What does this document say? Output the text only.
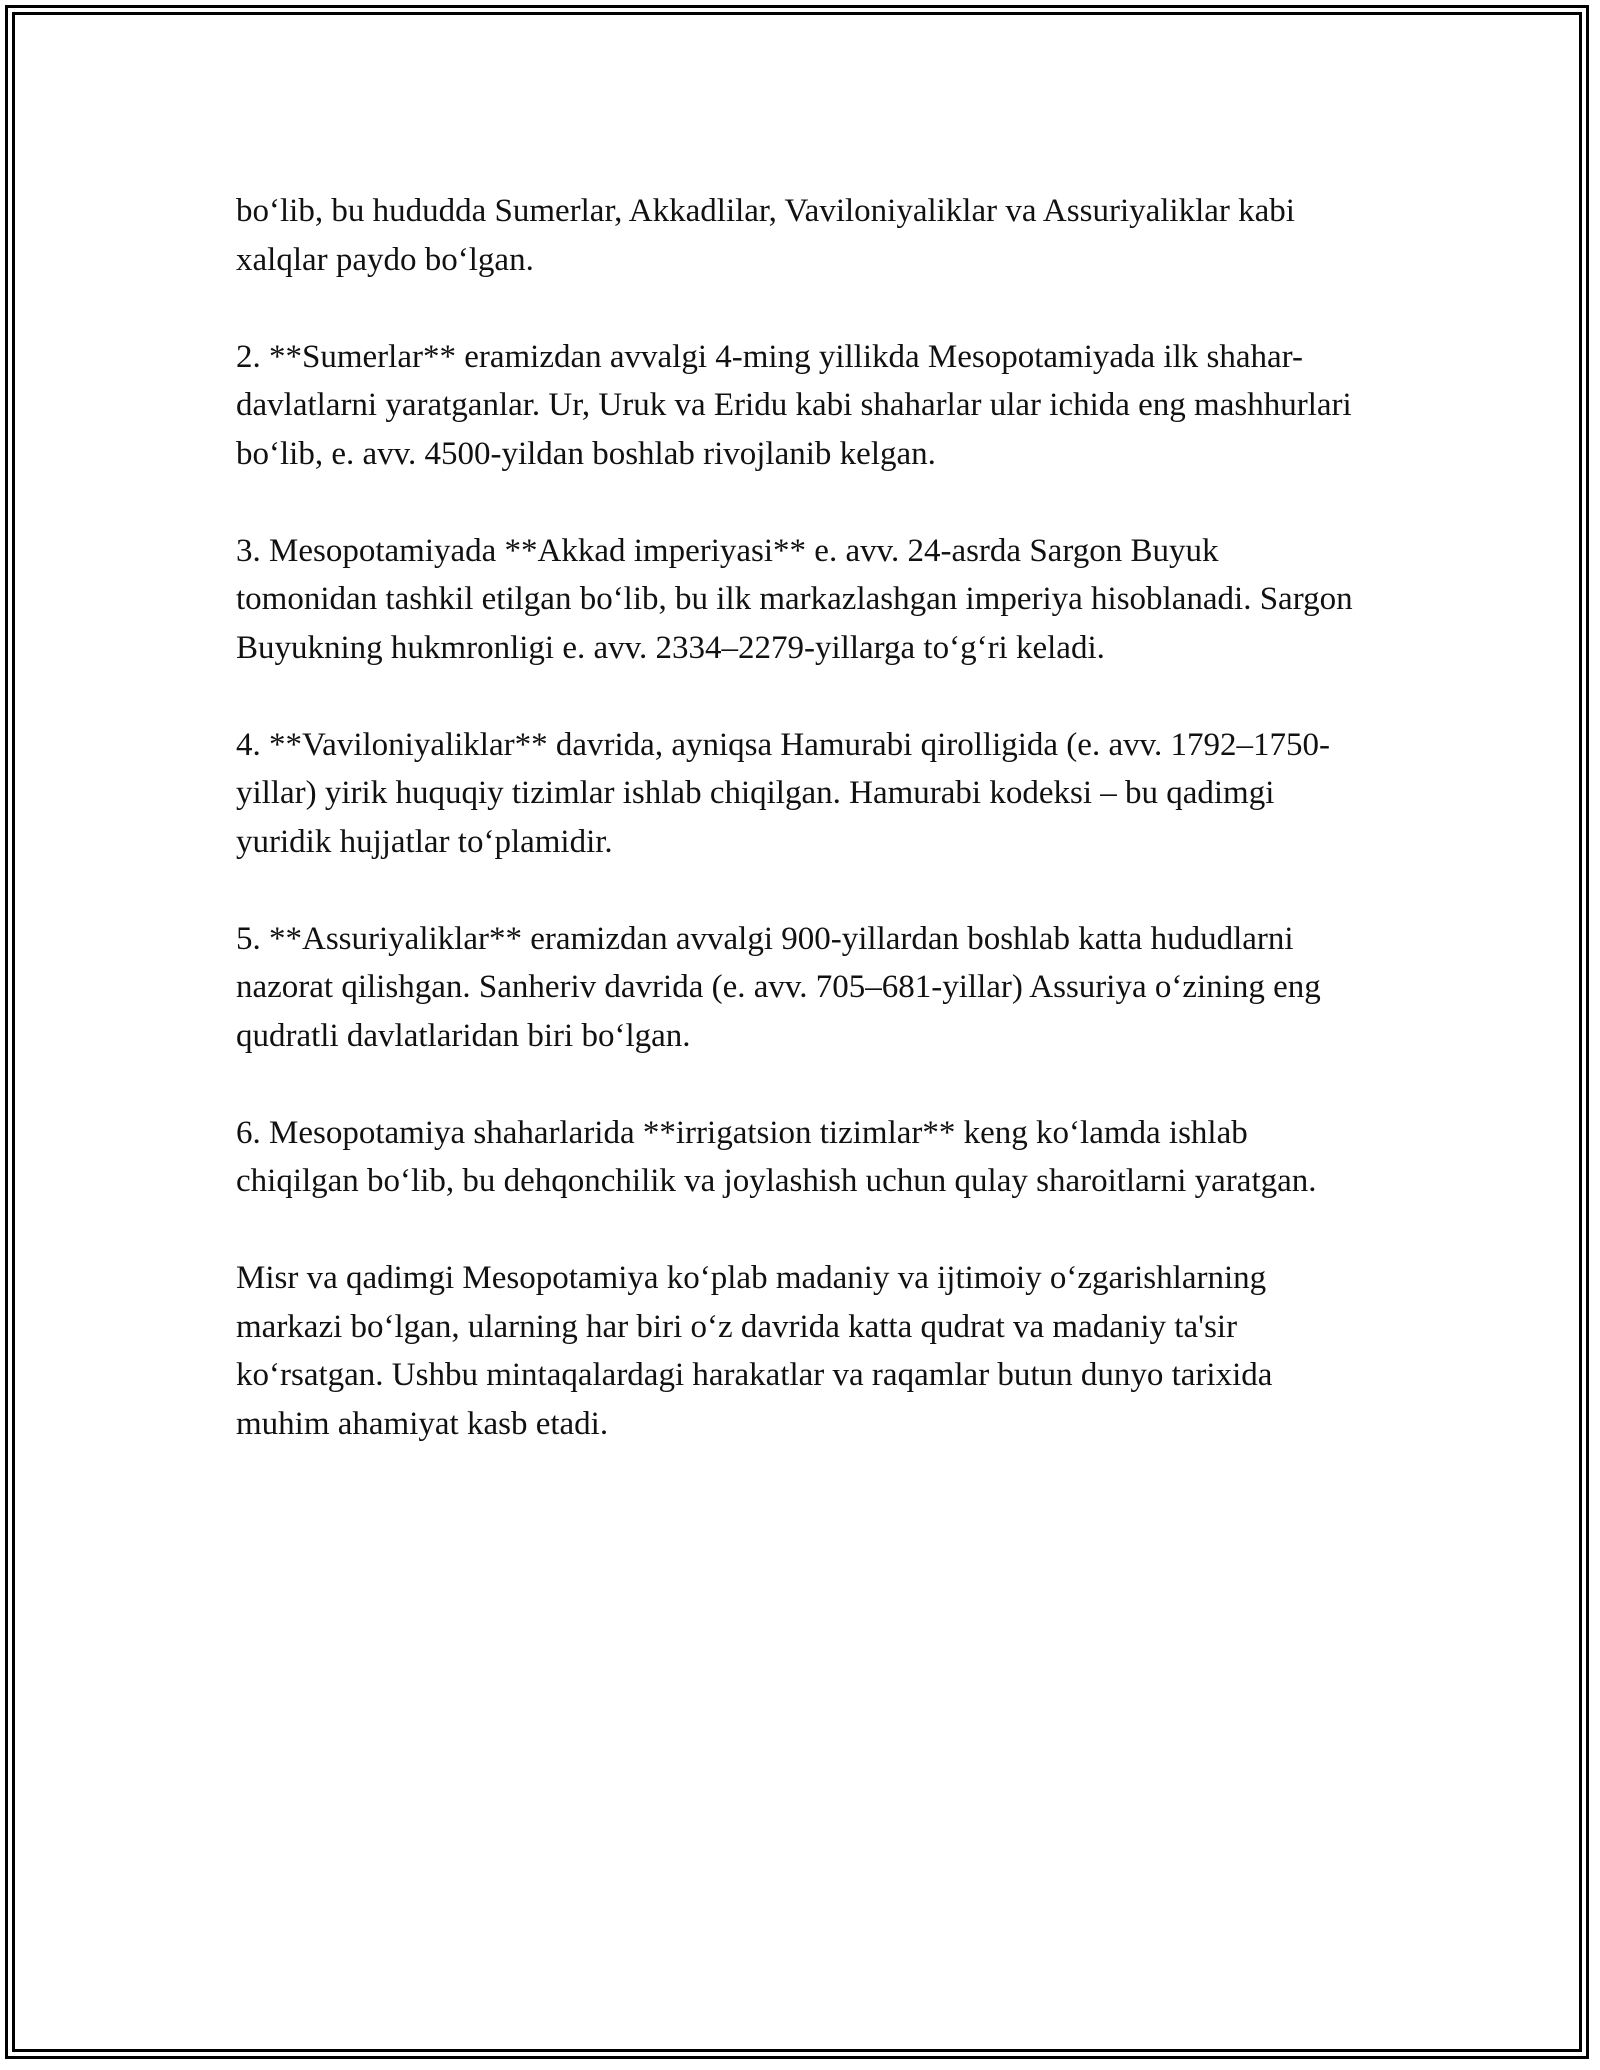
bo‘lib, bu hududda Sumerlar, Akkadlilar, Vaviloniyaliklar va Assuriyaliklar kabi xalqlar paydo bo‘lgan.

2. **Sumerlar** eramizdan avvalgi 4-ming yillikda Mesopotamiyada ilk shahar-davlatlarni yaratganlar. Ur, Uruk va Eridu kabi shaharlar ular ichida eng mashhurlari bo‘lib, e. avv. 4500-yildan boshlab rivojlanib kelgan.

3. Mesopotamiyada **Akkad imperiyasi** e. avv. 24-asrda Sargon Buyuk tomonidan tashkil etilgan bo‘lib, bu ilk markazlashgan imperiya hisoblanadi. Sargon Buyukning hukmronligi e. avv. 2334–2279-yillarga to‘g‘ri keladi.

4. **Vaviloniyaliklar** davrida, ayniqsa Hamurabi qirolligida (e. avv. 1792–1750-yillar) yirik huquqiy tizimlar ishlab chiqilgan. Hamurabi kodeksi – bu qadimgi yuridik hujjatlar to‘plamidir.

5. **Assuriyaliklar** eramizdan avvalgi 900-yillardan boshlab katta hududlarni nazorat qilishgan. Sanheriv davrida (e. avv. 705–681-yillar) Assuriya o‘zining eng qudratli davlatlaridan biri bo‘lgan.

6. Mesopotamiya shaharlarida **irrigatsion tizimlar** keng ko‘lamda ishlab chiqilgan bo‘lib, bu dehqonchilik va joylashish uchun qulay sharoitlarni yaratgan.

Misr va qadimgi Mesopotamiya ko‘plab madaniy va ijtimoiy o‘zgarishlarning markazi bo‘lgan, ularning har biri o‘z davrida katta qudrat va madaniy ta'sir ko‘rsatgan. Ushbu mintaqalardagi harakatlar va raqamlar butun dunyo tarixida muhim ahamiyat kasb etadi.
